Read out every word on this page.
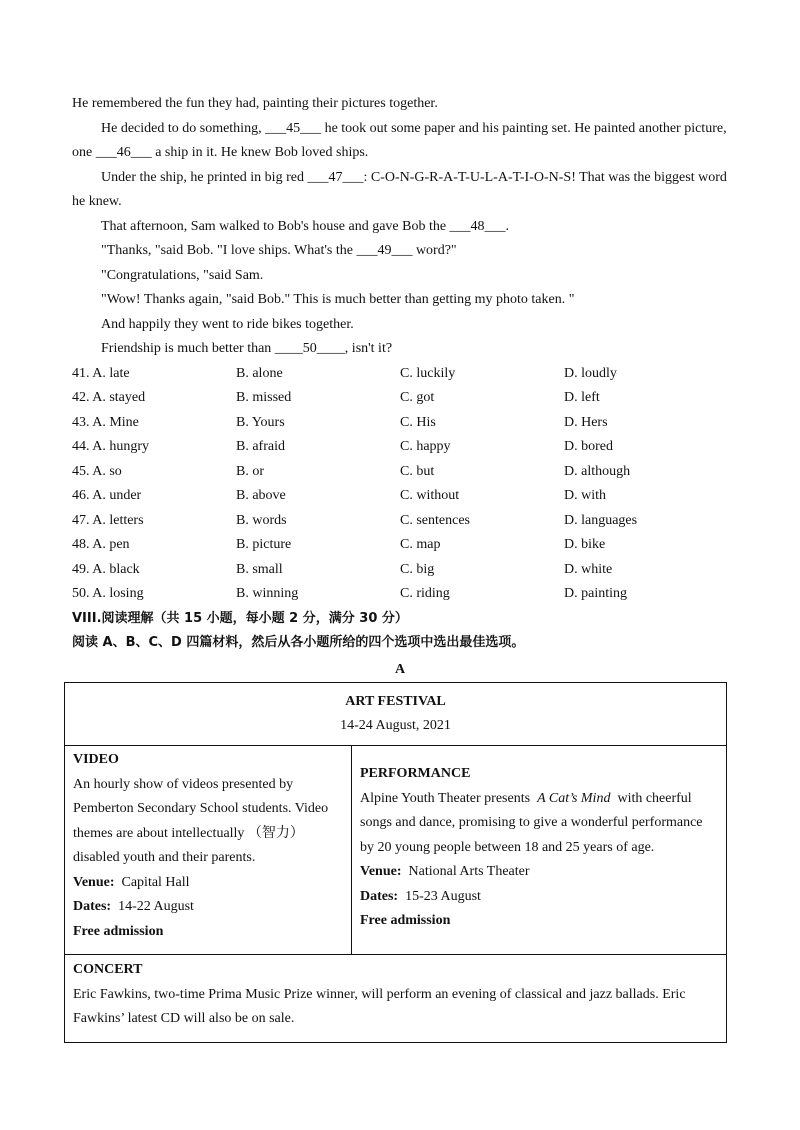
He remembered the fun they had, painting their pictures together.

He decided to do something, ___45___ he took out some paper and his painting set. He painted another picture, one ___46___ a ship in it. He knew Bob loved ships.

Under the ship, he printed in big red ___47___: C-O-N-G-R-A-T-U-L-A-T-I-O-N-S! That was the biggest word he knew.

That afternoon, Sam walked to Bob's house and gave Bob the ___48___.

"Thanks, "said Bob. "I love ships. What's the ___49___ word?"

"Congratulations, "said Sam.

"Wow! Thanks again, "said Bob." This is much better than getting my photo taken. "

And happily they went to ride bikes together.

Friendship is much better than ____50____, isn't it?

41. A. late	B. alone	C. luckily	D. loudly
42. A. stayed	B. missed	C. got	D. left
43. A. Mine	B. Yours	C. His	D. Hers
44. A. hungry	B. afraid	C. happy	D. bored
45. A. so	B. or	C. but	D. although
46. A. under	B. above	C. without	D. with
47. A. letters	B. words	C. sentences	D. languages
48. A. pen	B. picture	C. map	D. bike
49. A. black	B. small	C. big	D. white
50. A. losing	B. winning	C. riding	D. painting
VIII.阅读理解（共 15 小题，每小题 2 分，满分 30 分）
阅读 A、B、C、D 四篇材料，然后从各小题所给的四个选项中选出最佳选项。
A
ART FESTIVAL
14-24 August, 2021

VIDEO
An hourly show of videos presented by Pemberton Secondary School students. Video themes are about intellectually （智力） disabled youth and their parents.
Venue: Capital Hall
Dates: 14-22 August
Free admission

PERFORMANCE
Alpine Youth Theater presents A Cat’s Mind with cheerful songs and dance, promising to give a wonderful performance by 20 young people between 18 and 25 years of age.
Venue: National Arts Theater
Dates: 15-23 August
Free admission

CONCERT
Eric Fawkins, two-time Prima Music Prize winner, will perform an evening of classical and jazz ballads. Eric Fawkins’ latest CD will also be on sale.
